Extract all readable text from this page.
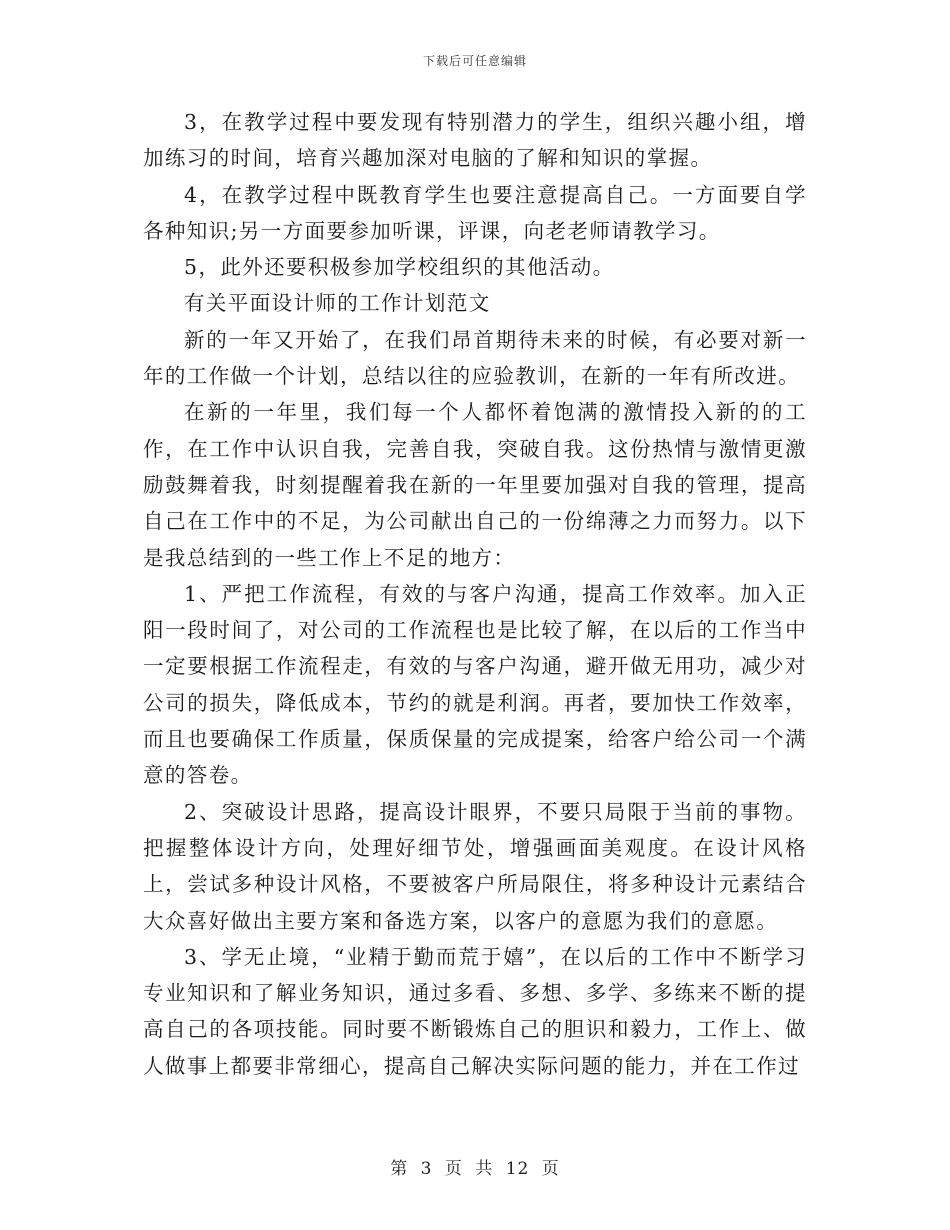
下载后可任意编辑

3，在教学过程中要发现有特别潜力的学生，组织兴趣小组，增加练习的时间，培育兴趣加深对电脑的了解和知识的掌握。

4，在教学过程中既教育学生也要注意提高自己。一方面要自学各种知识;另一方面要参加听课，评课，向老老师请教学习。

5，此外还要积极参加学校组织的其他活动。

有关平面设计师的工作计划范文

新的一年又开始了，在我们昂首期待未来的时候，有必要对新一年的工作做一个计划，总结以往的应验教训，在新的一年有所改进。

在新的一年里，我们每一个人都怀着饱满的激情投入新的的工作，在工作中认识自我，完善自我，突破自我。这份热情与激情更激励鼓舞着我，时刻提醒着我在新的一年里要加强对自我的管理，提高自己在工作中的不足，为公司献出自己的一份绵薄之力而努力。以下是我总结到的一些工作上不足的地方：

1、严把工作流程，有效的与客户沟通，提高工作效率。加入正阳一段时间了，对公司的工作流程也是比较了解，在以后的工作当中一定要根据工作流程走，有效的与客户沟通，避开做无用功，减少对公司的损失，降低成本，节约的就是利润。再者，要加快工作效率，而且也要确保工作质量，保质保量的完成提案，给客户给公司一个满意的答卷。

2、突破设计思路，提高设计眼界，不要只局限于当前的事物。把握整体设计方向，处理好细节处，增强画面美观度。在设计风格上，尝试多种设计风格，不要被客户所局限住，将多种设计元素结合大众喜好做出主要方案和备选方案，以客户的意愿为我们的意愿。

3、学无止境，“业精于勤而荒于嬉”，在以后的工作中不断学习专业知识和了解业务知识，通过多看、多想、多学、多练来不断的提高自己的各项技能。同时要不断锻炼自己的胆识和毅力，工作上、做人做事上都要非常细心，提高自己解决实际问题的能力，并在工作过

第 3 页 共 12 页
